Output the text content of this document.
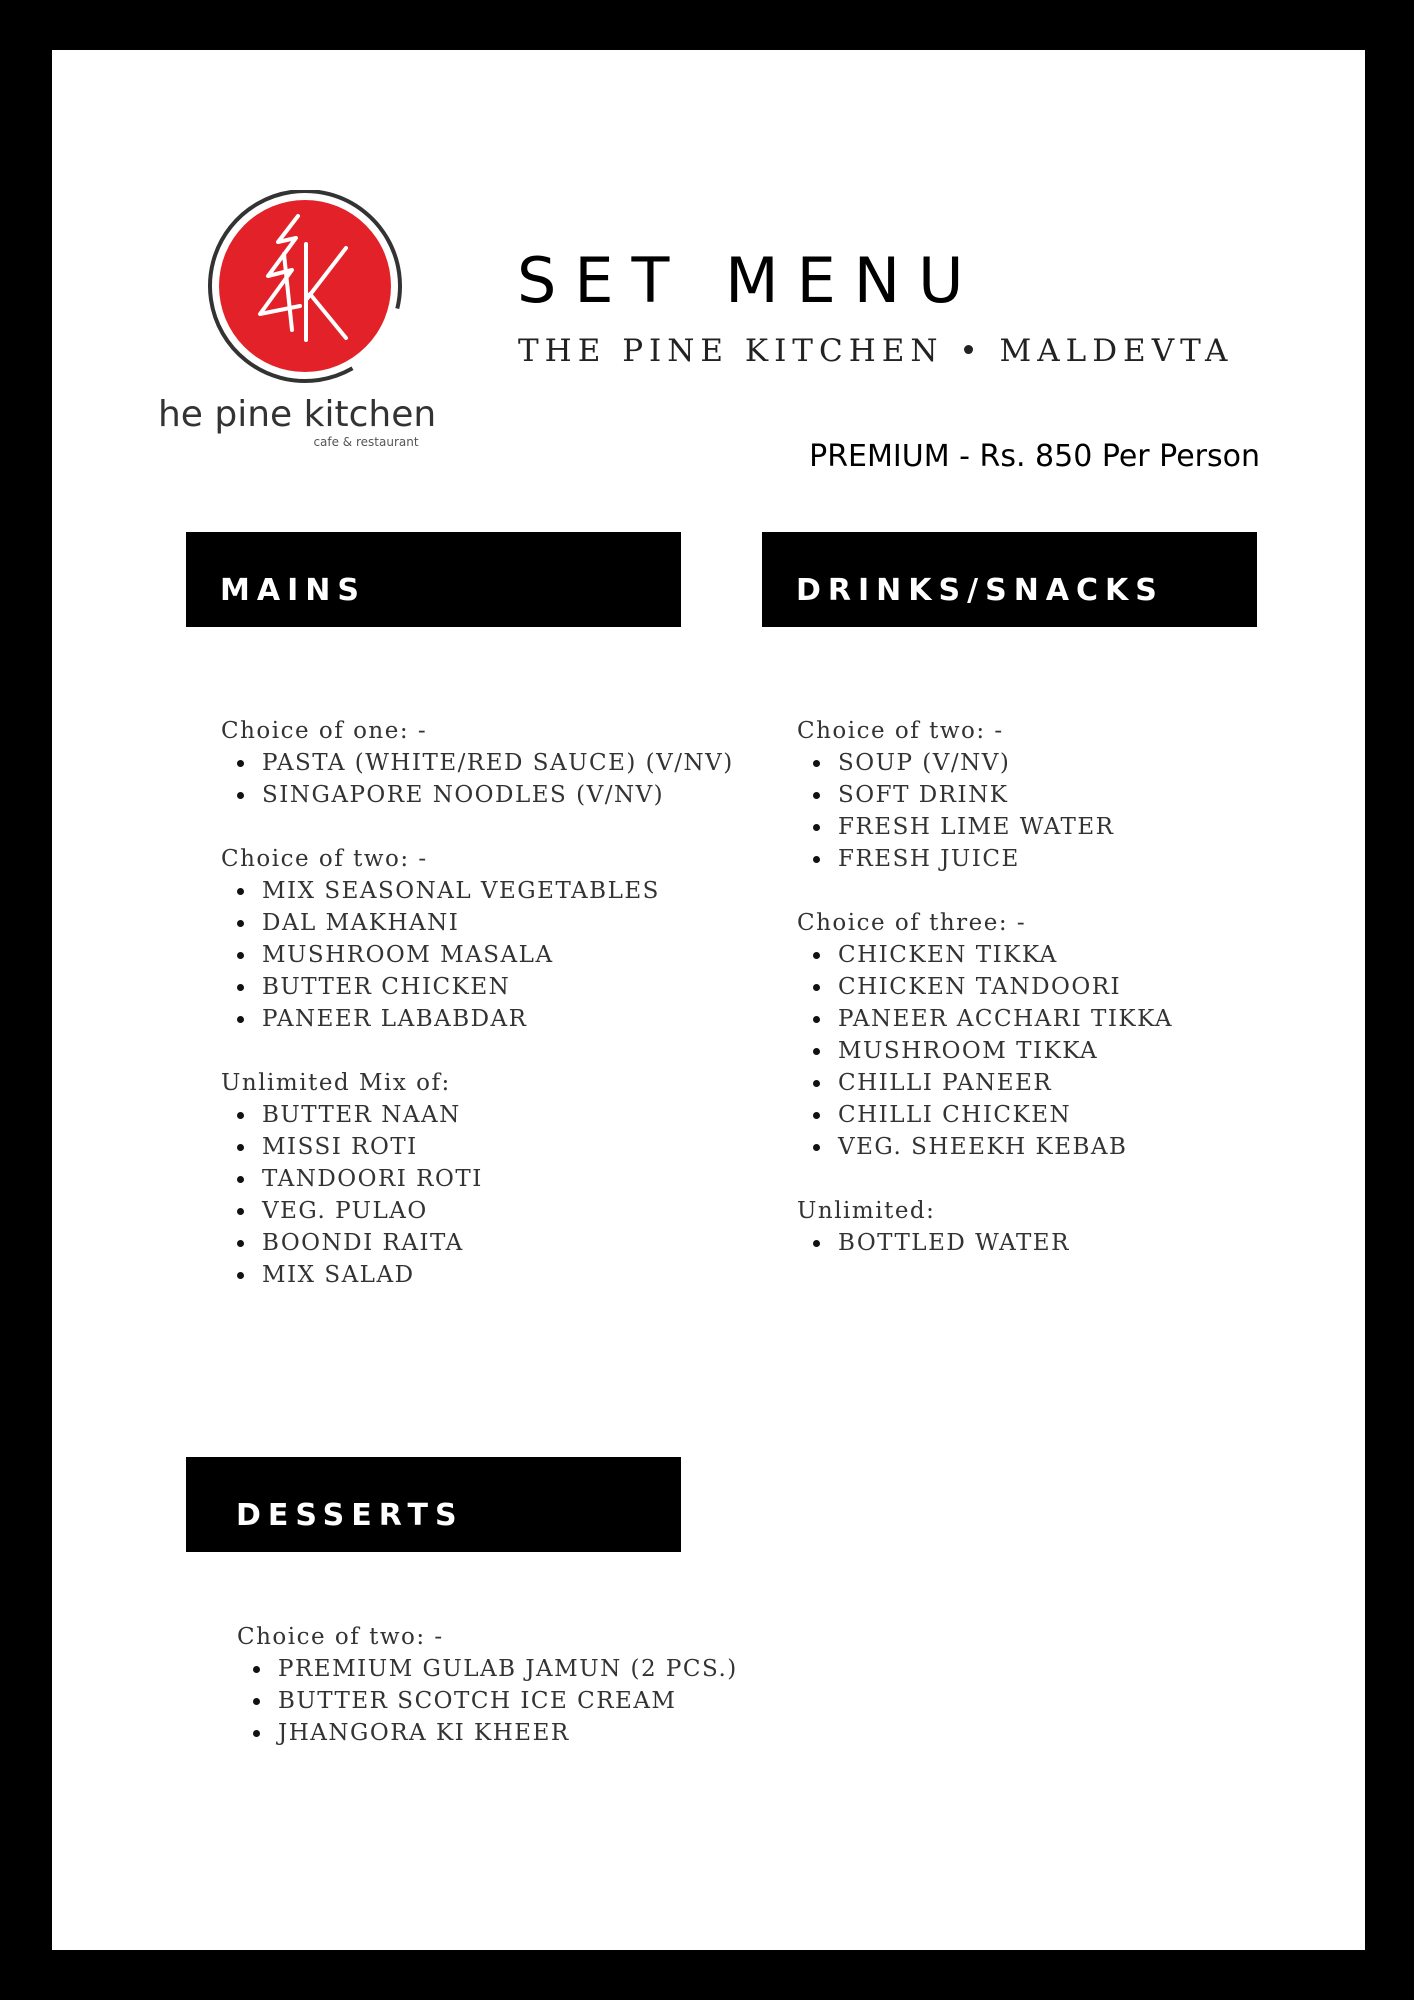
the pine kitchen
cafe & restaurant
SET MENU
THE PINE KITCHEN • MALDEVTA
PREMIUM - Rs. 850 Per Person
MAINS	DRINKS/SNACKS
DESSERTS
Choice of one: -
PASTA (WHITE/RED SAUCE) (V/NV)
SINGAPORE NOODLES (V/NV)
Choice of two: -
MIX SEASONAL VEGETABLES
DAL MAKHANI
MUSHROOM MASALA
BUTTER CHICKEN
PANEER LABABDAR
Unlimited Mix of:
BUTTER NAAN
MISSI ROTI
TANDOORI ROTI
VEG. PULAO
BOONDI RAITA
MIX SALAD
Choice of two: -
SOUP (V/NV)
SOFT DRINK
FRESH LIME WATER
FRESH JUICE
Choice of three: -
CHICKEN TIKKA
CHICKEN TANDOORI
PANEER ACCHARI TIKKA
MUSHROOM TIKKA
CHILLI PANEER
CHILLI CHICKEN
VEG. SHEEKH KEBAB
Unlimited:
BOTTLED WATER
Choice of two: -
PREMIUM GULAB JAMUN (2 PCS.)
BUTTER SCOTCH ICE CREAM
JHANGORA KI KHEER
